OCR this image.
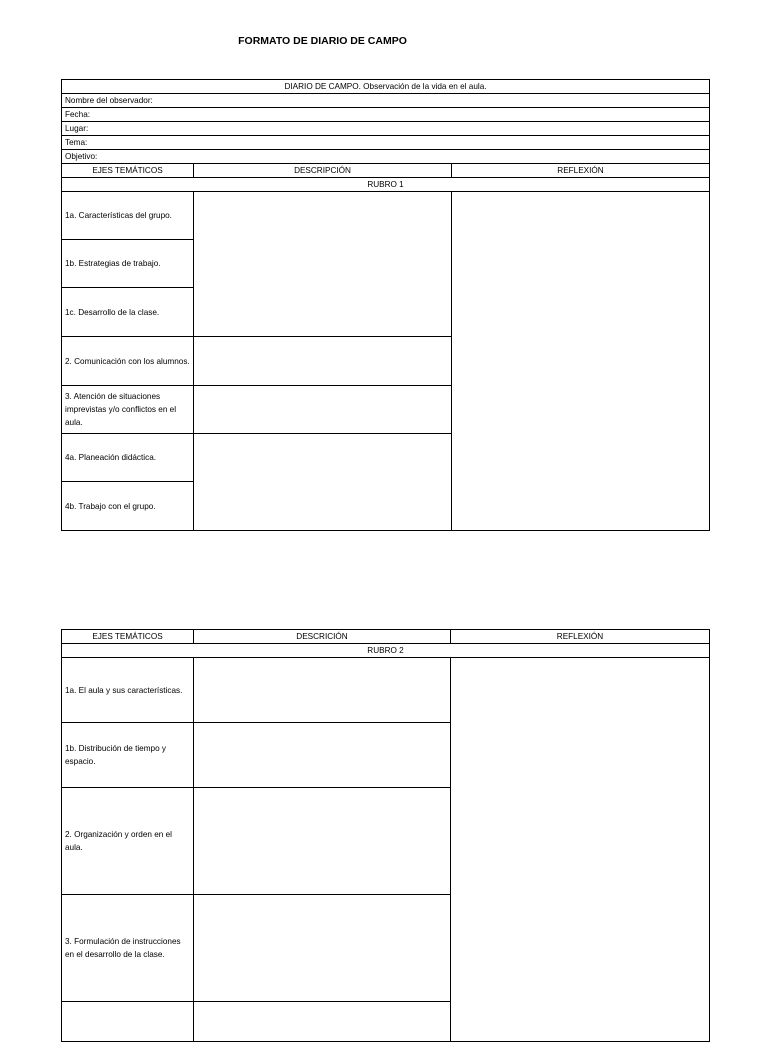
FORMATO DE DIARIO DE CAMPO
DIARIO DE CAMPO. Observación de la vida en el aula.		
Nombre del observador:		
Fecha:		
Lugar:		
Tema:		
Objetivo:		
EJES TEMÁTICOS	DESCRIPCIÓN	REFLEXIÓN
RUBRO 1		
1a. Características del grupo.		
1b. Estrategias de trabajo.		
1c. Desarrollo de la clase.		
2. Comunicación con los alumnos.		
3. Atención de situaciones imprevistas y/o conflictos en el aula.		
4a. Planeación didáctica.		
4b. Trabajo con el grupo.		
EJES TEMÁTICOS	DESCRICIÓN	REFLEXIÓN
RUBRO 2		
1a. El aula y sus características.		
1b. Distribución de tiempo y espacio.		
2. Organización y orden en el aula.		
3. Formulación de instrucciones en el desarrollo de la clase.		
